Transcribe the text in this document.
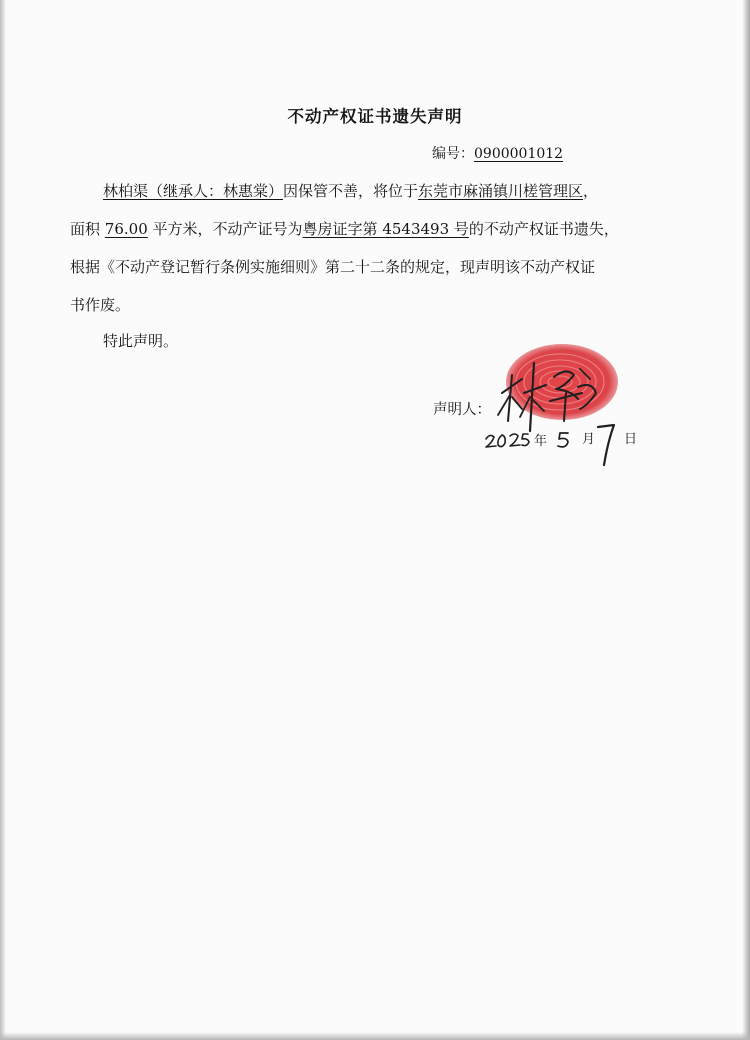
不动产权证书遗失声明
编号：0900001012
林柏渠（继承人：林惠棠）因保管不善，将位于东莞市麻涌镇川槎管理区，
面积 76.00 平方米，不动产证号为粤房证字第 4543493 号的不动产权证书遗失，
根据《不动产登记暂行条例实施细则》第二十二条的规定，现声明该不动产权证
书作废。
特此声明。
声明人：
年	月 日
